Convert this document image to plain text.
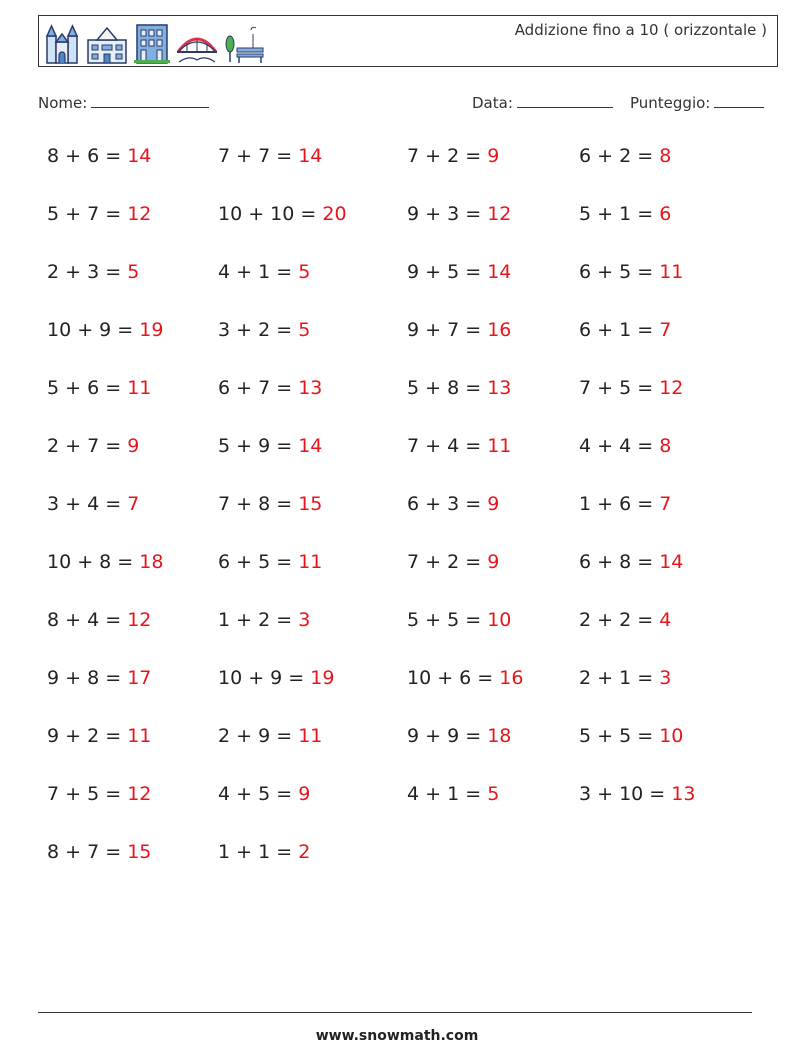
Addizione fino a 10 ( orizzontale )
Nome:	Data:	Punteggio:
8 + 6 = 14	7 + 7 = 14	7 + 2 = 9	6 + 2 = 8
5 + 7 = 12	10 + 10 = 20	9 + 3 = 12	5 + 1 = 6
2 + 3 = 5	4 + 1 = 5	9 + 5 = 14	6 + 5 = 11
10 + 9 = 19	3 + 2 = 5	9 + 7 = 16	6 + 1 = 7
5 + 6 = 11	6 + 7 = 13	5 + 8 = 13	7 + 5 = 12
2 + 7 = 9	5 + 9 = 14	7 + 4 = 11	4 + 4 = 8
3 + 4 = 7	7 + 8 = 15	6 + 3 = 9	1 + 6 = 7
10 + 8 = 18	6 + 5 = 11	7 + 2 = 9	6 + 8 = 14
8 + 4 = 12	1 + 2 = 3	5 + 5 = 10	2 + 2 = 4
9 + 8 = 17	10 + 9 = 19	10 + 6 = 16	2 + 1 = 3
9 + 2 = 11	2 + 9 = 11	9 + 9 = 18	5 + 5 = 10
7 + 5 = 12	4 + 5 = 9	4 + 1 = 5	3 + 10 = 13
8 + 7 = 15	1 + 1 = 2
www.snowmath.com
